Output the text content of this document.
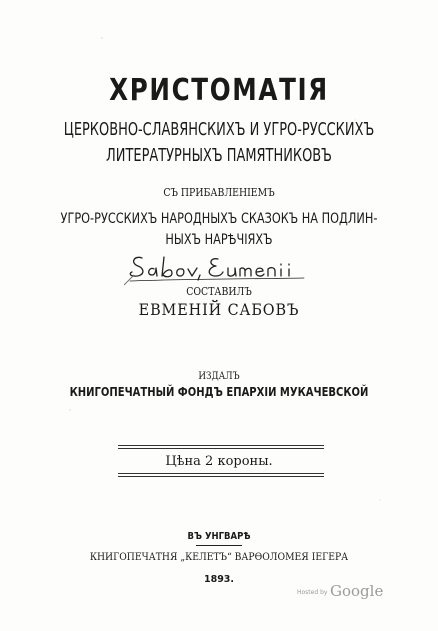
ХРИСТОМАТІЯ
ЦЕРКОВНО-СЛАВЯНСКИХЪ И УГРО-РУССКИХЪ
ЛИТЕРАТУРНЫХЪ ПАМЯТНИКОВЪ
СЪ ПРИБАВЛЕНІЕМЪ
УГРО-РУССКИХЪ НАРОДНЫХЪ СКАЗОКЪ НА ПОДЛИН-
НЫХЪ НАРѢЧІЯХЪ
СОСТАВИЛЪ
ЕВМЕНІЙ САБОВЪ
ИЗДАЛЪ
КНИГОПЕЧАТНЫЙ ФОНДЪ ЕПАРХІИ МУКАЧЕВСКОЙ
Цѣна 2 короны.
ВЪ УНГВАРѢ
КНИГОПЕЧАТНЯ „КЕЛЕТЪ“ ВАРѲОЛОМЕЯ ІЕГЕРА
1893.
Hosted by Google
